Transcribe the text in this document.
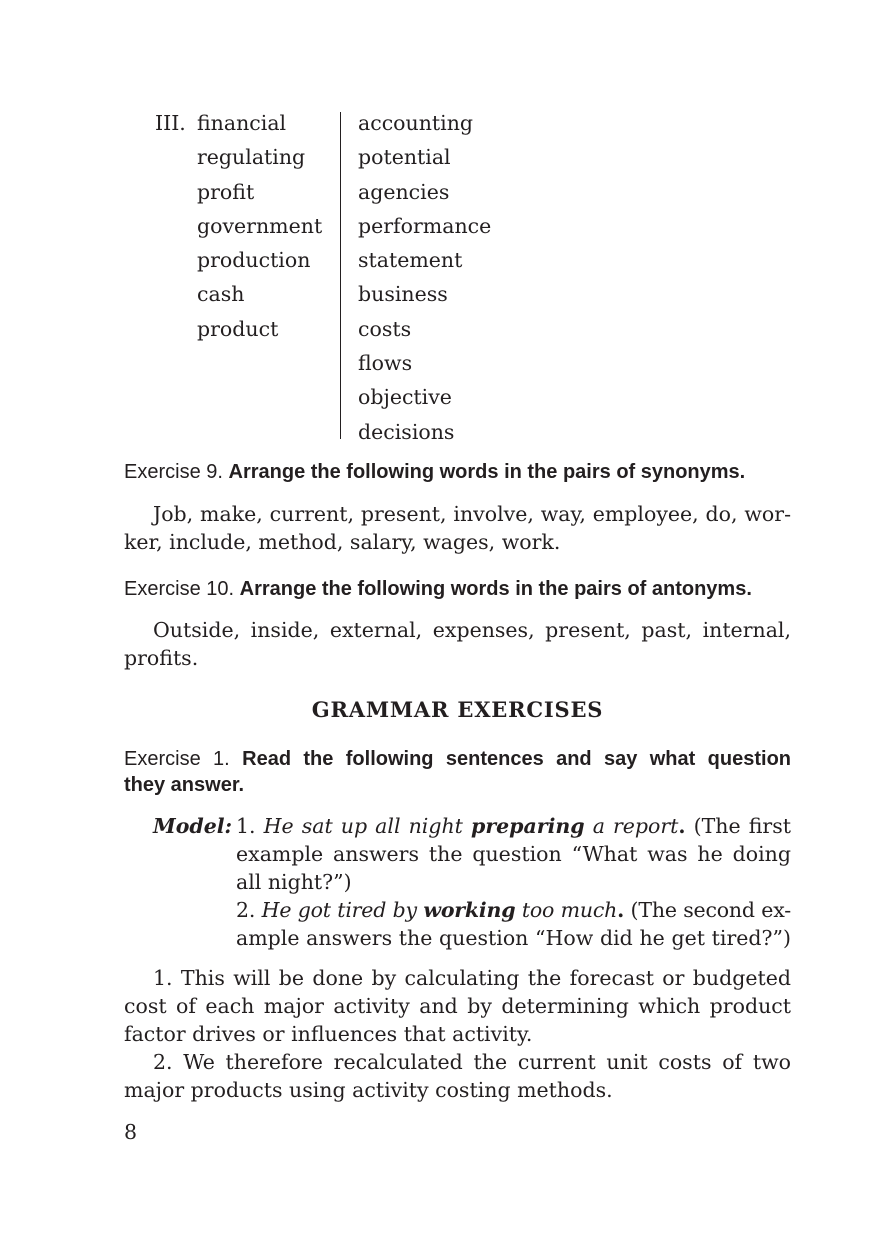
III. financial
regulating
profit
government
production
cash
product
accounting
potential
agencies
performance
statement
business
costs
flows
objective
decisions
Exercise 9. Arrange the following words in the pairs of synonyms.
Job, make, current, present, involve, way, employee, do, wor-
ker, include, method, salary, wages, work.
Exercise 10. Arrange the following words in the pairs of antonyms.
Outside, inside, external, expenses, present, past, internal,
profits.
GRAMMAR EXERCISES
Exercise 1. Read the following sentences and say what question
they answer.
Model: 1. He sat up all night preparing a report. (The first
example answers the question “What was he doing
all night?”)
2. He got tired by working too much. (The second ex-
ample answers the question “How did he get tired?”)
1. This will be done by calculating the forecast or budgeted
cost of each major activity and by determining which product
factor drives or influences that activity.
2. We therefore recalculated the current unit costs of two
major products using activity costing methods.
8
